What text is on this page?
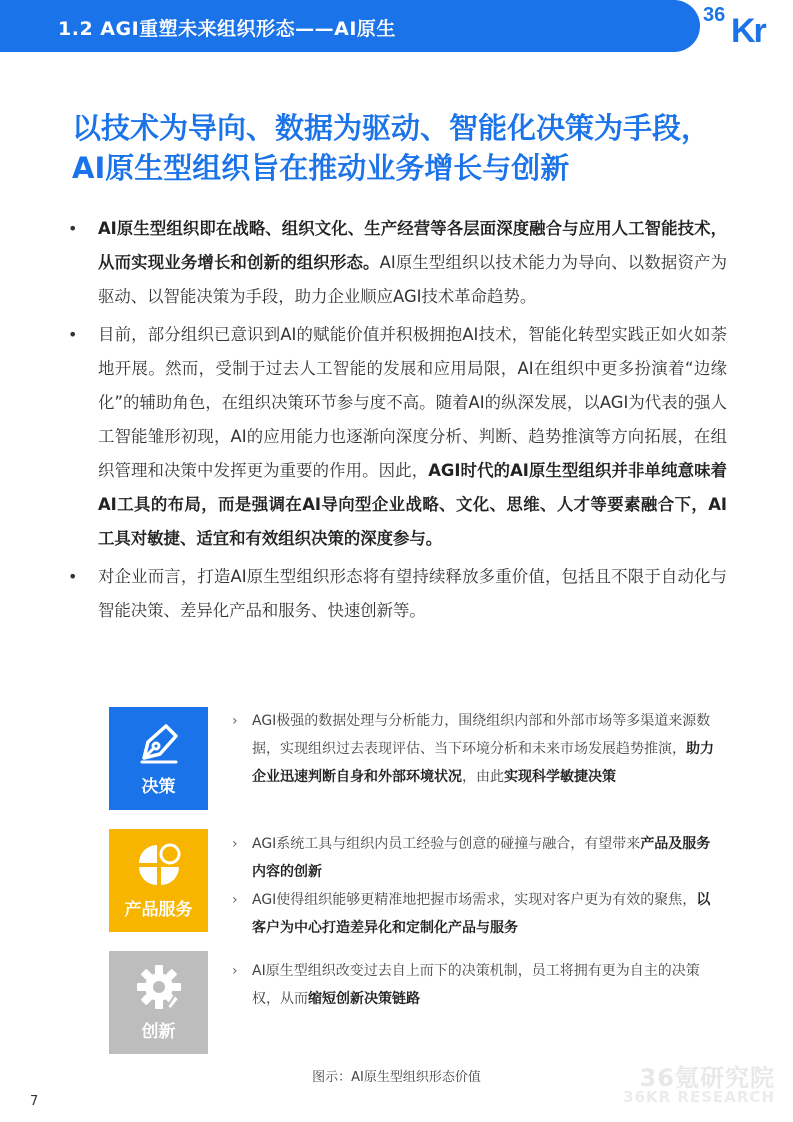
1.2 AGI重塑未来组织形态——AI原生
36 Kr
以技术为导向、数据为驱动、智能化决策为手段，
AI原生型组织旨在推动业务增长与创新
• AI原生型组织即在战略、组织文化、生产经营等各层面深度融合与应用人工智能技术，从而实现业务增长和创新的组织形态。AI原生型组织以技术能力为导向、以数据资产为驱动、以智能决策为手段，助力企业顺应AGI技术革命趋势。
• 目前，部分组织已意识到AI的赋能价值并积极拥抱AI技术，智能化转型实践正如火如荼地开展。然而，受制于过去人工智能的发展和应用局限，AI在组织中更多扮演着“边缘化”的辅助角色，在组织决策环节参与度不高。随着AI的纵深发展，以AGI为代表的强人工智能雏形初现，AI的应用能力也逐渐向深度分析、判断、趋势推演等方向拓展，在组织管理和决策中发挥更为重要的作用。因此，AGI时代的AI原生型组织并非单纯意味着AI工具的布局，而是强调在AI导向型企业战略、文化、思维、人才等要素融合下，AI工具对敏捷、适宜和有效组织决策的深度参与。
• 对企业而言，打造AI原生型组织形态将有望持续释放多重价值，包括且不限于自动化与智能决策、差异化产品和服务、快速创新等。
决策
› AGI极强的数据处理与分析能力，围绕组织内部和外部市场等多渠道来源数据，实现组织过去表现评估、当下环境分析和未来市场发展趋势推演，助力企业迅速判断自身和外部环境状况，由此实现科学敏捷决策
产品服务
› AGI系统工具与组织内员工经验与创意的碰撞与融合，有望带来产品及服务内容的创新
› AGI使得组织能够更精准地把握市场需求，实现对客户更为有效的聚焦，以客户为中心打造差异化和定制化产品与服务
创新
› AI原生型组织改变过去自上而下的决策机制，员工将拥有更为自主的决策权，从而缩短创新决策链路
图示：AI原生型组织形态价值	36氪研究院
36KR RESEARCH
7
